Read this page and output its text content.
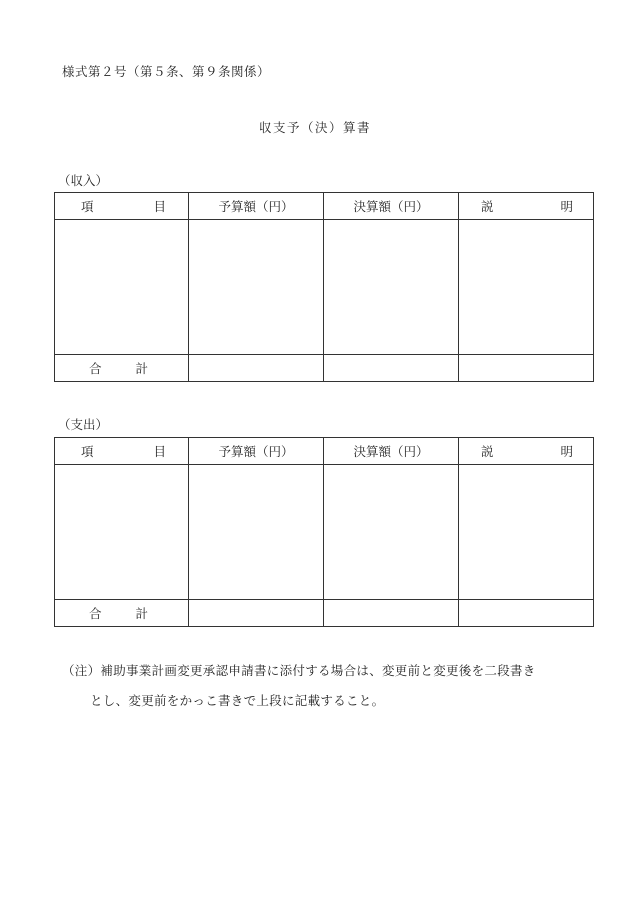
様式第２号（第５条、第９条関係）
収支予（決）算書
（収入）
項 目	予算額（円）	決算額（円）	説 明

合 計			

（支出）
項 目	予算額（円）	決算額（円）	説 明

合 計			

（注）補助事業計画変更承認申請書に添付する場合は、変更前と変更後を二段書き
とし、変更前をかっこ書きで上段に記載すること。
